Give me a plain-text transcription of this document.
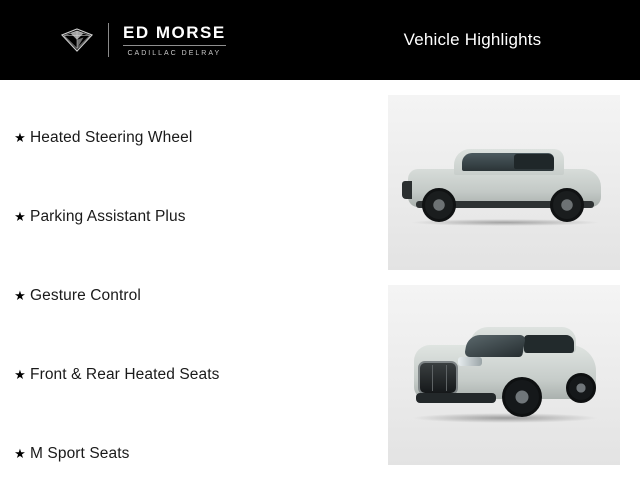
ED MORSE
CADILLAC DELRAY
Vehicle Highlights
★ Heated Steering Wheel
★ Parking Assistant Plus
★ Gesture Control
★ Front & Rear Heated Seats
★ M Sport Seats
